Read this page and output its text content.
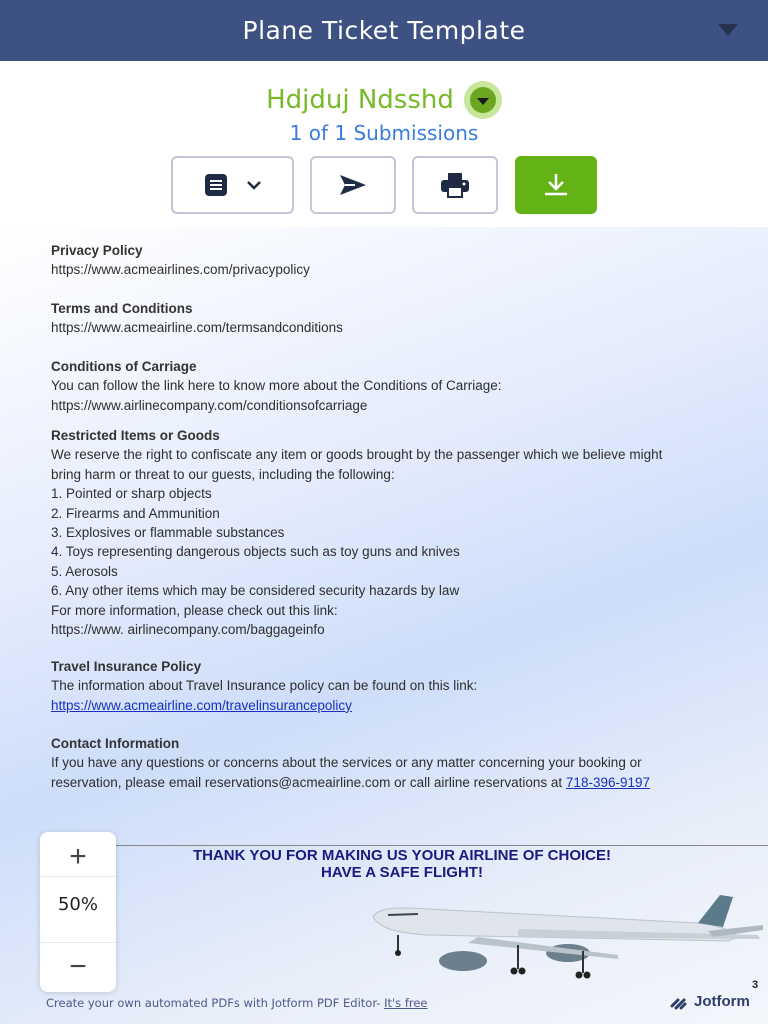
Plane Ticket Template
Hdjduj Ndsshd
1 of 1 Submissions
Privacy Policy
https://www.acmeairlines.com/privacypolicy
Terms and Conditions
https://www.acmeairline.com/termsandconditions
Conditions of Carriage
You can follow the link here to know more about the Conditions of Carriage:
https://www.airlinecompany.com/conditionsofcarriage
Restricted Items or Goods
We reserve the right to confiscate any item or goods brought by the passenger which we believe might
bring harm or threat to our guests, including the following:
1. Pointed or sharp objects
2. Firearms and Ammunition
3. Explosives or flammable substances
4. Toys representing dangerous objects such as toy guns and knives
5. Aerosols
6. Any other items which may be considered security hazards by law
For more information, please check out this link:
https://www. airlinecompany.com/baggageinfo
Travel Insurance Policy
The information about Travel Insurance policy can be found on this link:
https://www.acmeairline.com/travelinsurancepolicy
Contact Information
If you have any questions or concerns about the services or any matter concerning your booking or
reservation, please email reservations@acmeairline.com or call airline reservations at 718-396-9197
THANK YOU FOR MAKING US YOUR AIRLINE OF CHOICE!
HAVE A SAFE FLIGHT!
+
50%
−
3
Create your own automated PDFs with Jotform PDF Editor- It's free	Jotform
